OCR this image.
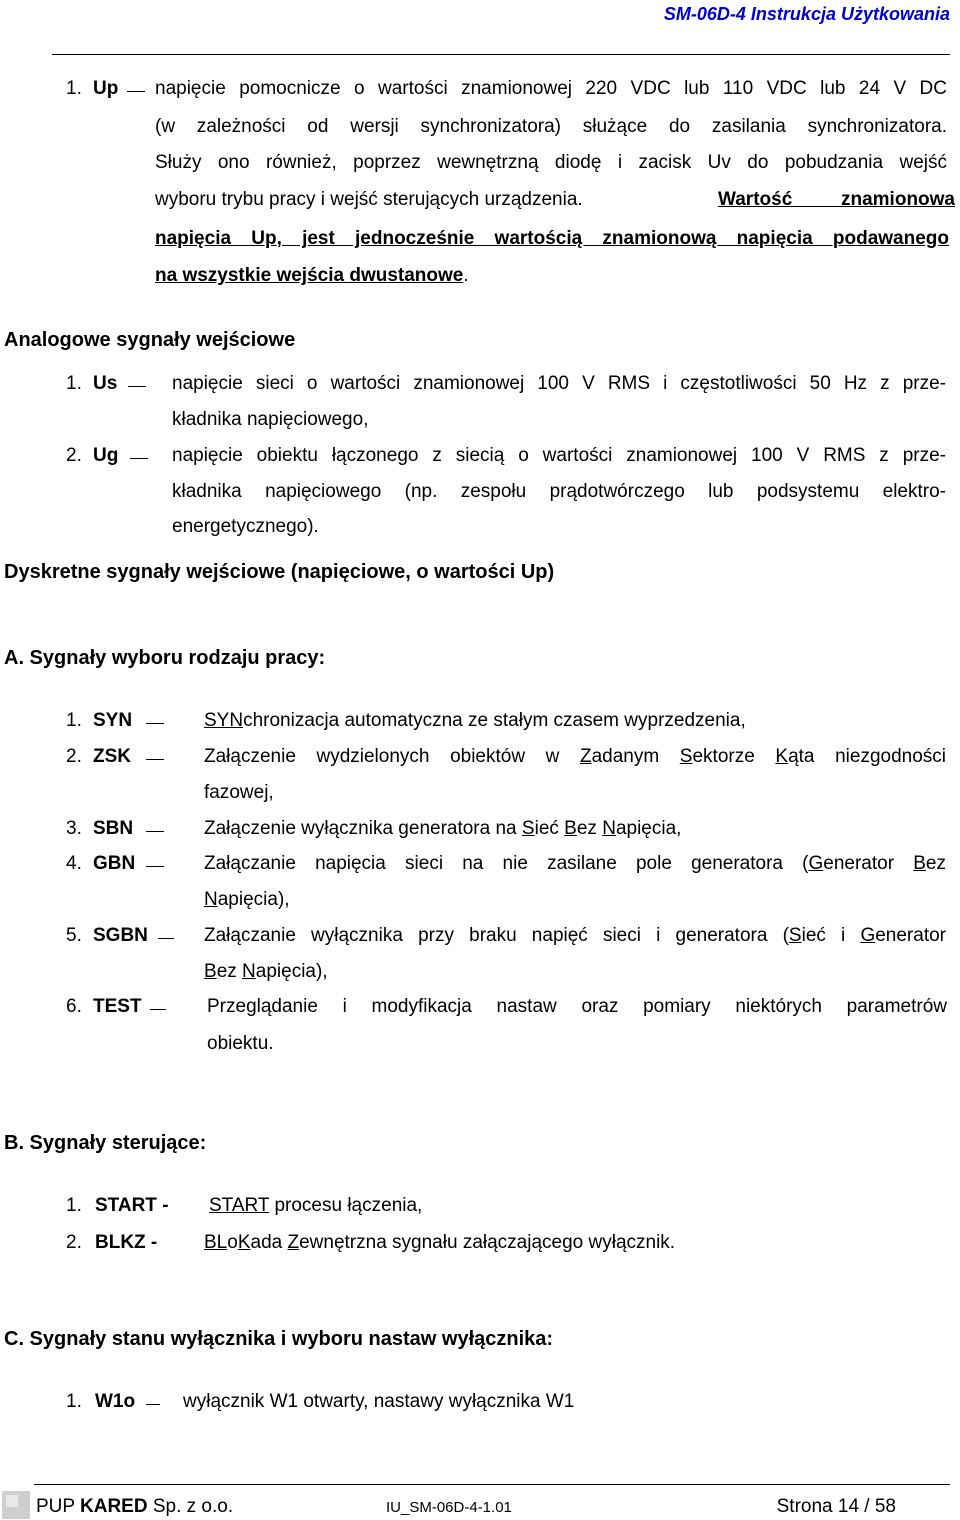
SM-06D-4 Instrukcja Użytkowania
1. Up napięcie pomocnicze o wartości znamionowej 220 VDC lub 110 VDC lub 24 V DC
(w zależności od wersji synchronizatora) służące do zasilania synchronizatora.
Służy ono również, poprzez wewnętrzną diodę i zacisk Uv do pobudzania wejść
wyboru trybu pracy i wejść sterujących urządzenia.	Wartość znamionowa
napięcia Up, jest jednocześnie wartością znamionową napięcia podawanego
na wszystkie wejścia dwustanowe.
Analogowe sygnały wejściowe
1. Us	napięcie sieci o wartości znamionowej 100 V RMS i częstotliwości 50 Hz z prze-
kładnika napięciowego,
2. Ug	napięcie obiektu łączonego z siecią o wartości znamionowej 100 V RMS z prze-
kładnika napięciowego (np. zespołu prądotwórczego lub podsystemu elektro-
energetycznego).
Dyskretne sygnały wejściowe (napięciowe, o wartości Up)
A. Sygnały wyboru rodzaju pracy:
1. SYN	SYNchronizacja automatyczna ze stałym czasem wyprzedzenia,
2. ZSK	Załączenie wydzielonych obiektów w Zadanym Sektorze Kąta niezgodności
fazowej,
3. SBN	Załączenie wyłącznika generatora na Sieć Bez Napięcia,
4. GBN	Załączanie napięcia sieci na nie zasilane pole generatora (Generator Bez
Napięcia),
5. SGBN	Załączanie wyłącznika przy braku napięć sieci i generatora (Sieć i Generator
Bez Napięcia),
6. TEST	Przeglądanie i modyfikacja nastaw oraz pomiary niektórych parametrów
obiektu.
B. Sygnały sterujące:
1. START - START procesu łączenia,
2. BLKZ - BLoKada Zewnętrzna sygnału załączającego wyłącznik.
C. Sygnały stanu wyłącznika i wyboru nastaw wyłącznika:
1. W1o	wyłącznik W1 otwarty, nastawy wyłącznika W1
PUP KARED Sp. z o.o.	IU_SM-06D-4-1.01	Strona 14 / 58
